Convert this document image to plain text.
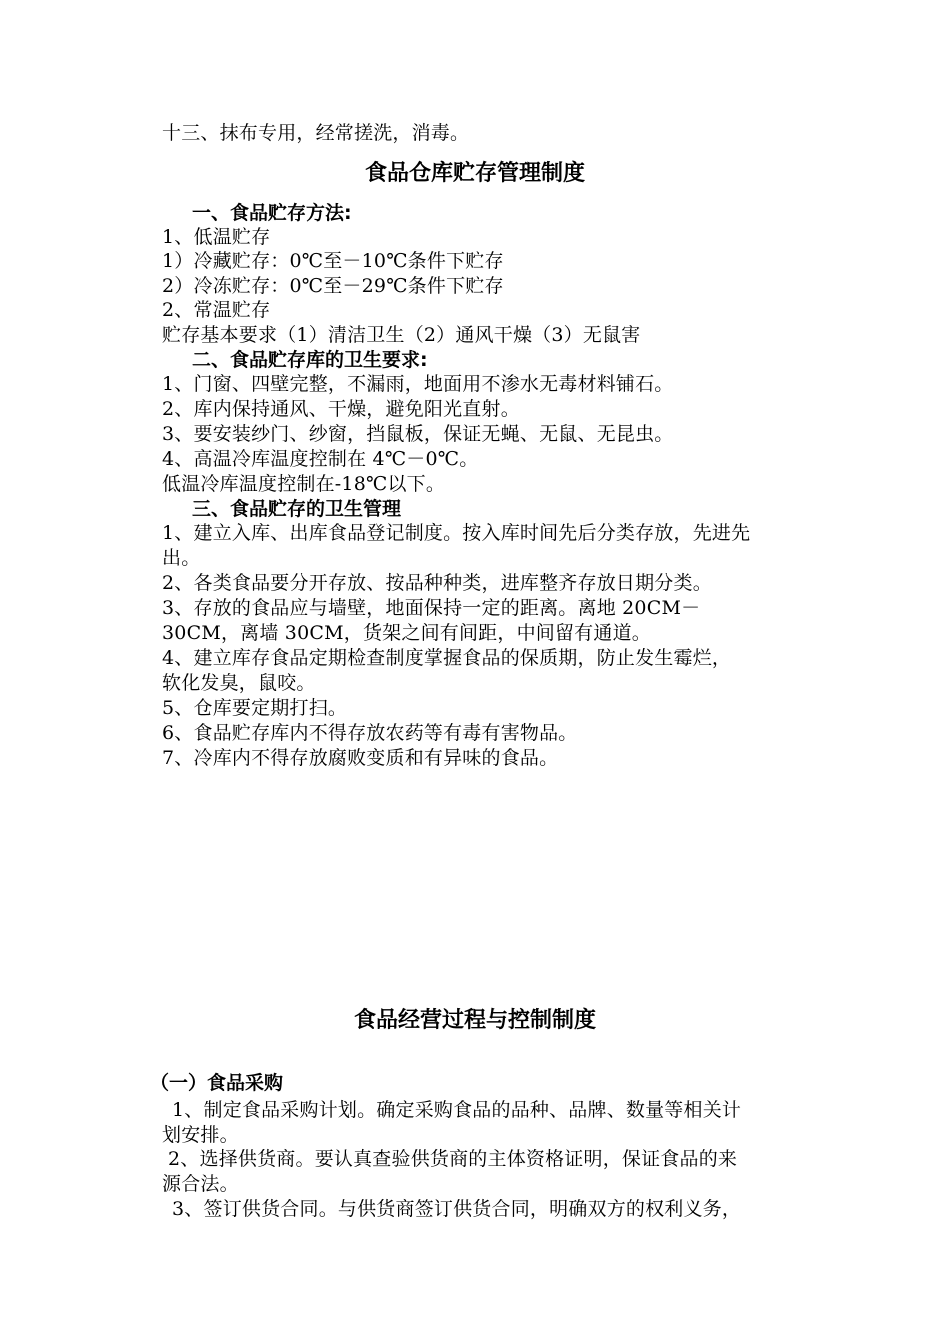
十三、抹布专用，经常搓洗，消毒。
食品仓库贮存管理制度
一、食品贮存方法:
1、低温贮存
1）冷藏贮存：0℃至－10℃条件下贮存
2）冷冻贮存：0℃至－29℃条件下贮存
2、常温贮存
贮存基本要求（1）清洁卫生（2）通风干燥（3）无鼠害
二、食品贮存库的卫生要求:
1、门窗、四壁完整，不漏雨，地面用不渗水无毒材料铺石。
2、库内保持通风、干燥，避免阳光直射。
3、要安装纱门、纱窗，挡鼠板，保证无蝇、无鼠、无昆虫。
4、高温冷库温度控制在 4℃－0℃。
低温冷库温度控制在-18℃以下。
三、食品贮存的卫生管理
1、建立入库、出库食品登记制度。按入库时间先后分类存放，先进先
出。
2、各类食品要分开存放、按品种种类，进库整齐存放日期分类。
3、存放的食品应与墙壁，地面保持一定的距离。离地 20CM－
30CM，离墙 30CM，货架之间有间距，中间留有通道。
4、建立库存食品定期检查制度掌握食品的保质期，防止发生霉烂，
软化发臭，鼠咬。
5、仓库要定期打扫。
6、食品贮存库内不得存放农药等有毒有害物品。
7、冷库内不得存放腐败变质和有异味的食品。
食品经营过程与控制制度
（一）食品采购
1、制定食品采购计划。确定采购食品的品种、品牌、数量等相关计
划安排。
2、选择供货商。要认真查验供货商的主体资格证明，保证食品的来
源合法。
3、签订供货合同。与供货商签订供货合同，明确双方的权利义务，
